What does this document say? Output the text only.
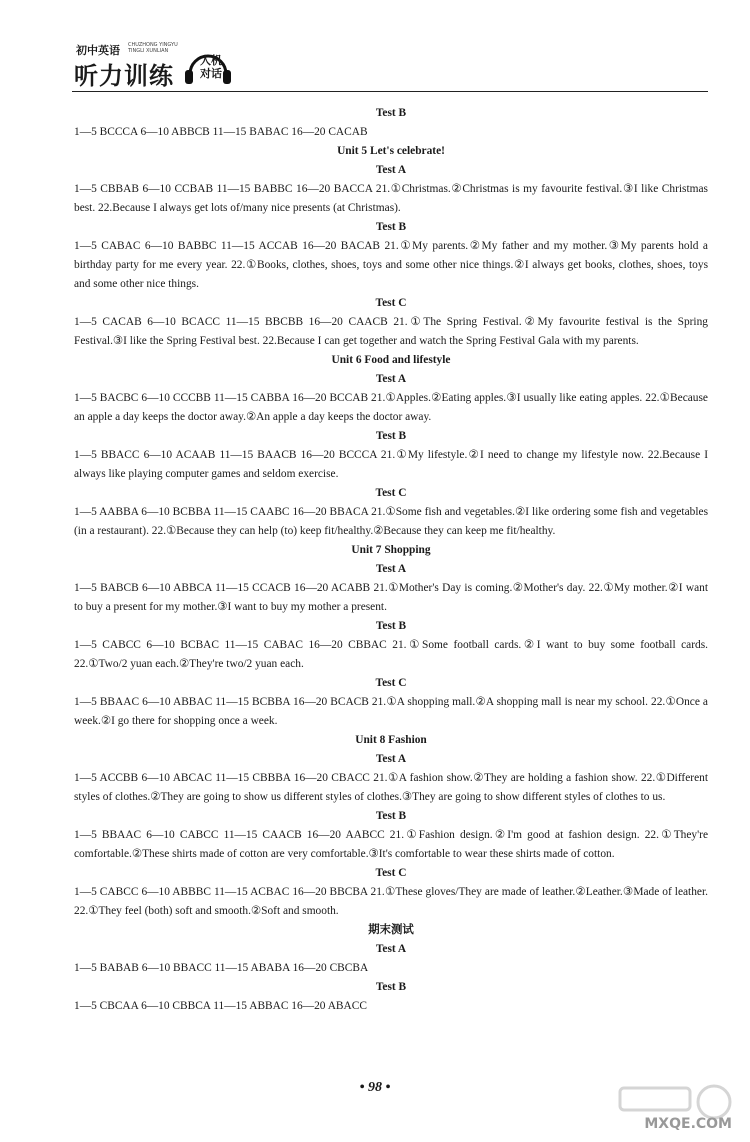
初中英语 CHUZHONG YINGYU TINGLI XUNLIAN
听力训练
人机
对话
Test B
1—5 BCCCA 6—10 ABBCB 11—15 BABAC 16—20 CACAB
Unit 5 Let's celebrate!
Test A
1—5 CBBAB 6—10 CCBAB 11—15 BABBC 16—20 BACCA 21.①Christmas.②Christmas is my favourite festival.③I like Christmas best. 22.Because I always get lots of/many nice presents (at Christmas).
Test B
1—5 CABAC 6—10 BABBC 11—15 ACCAB 16—20 BACAB 21.①My parents.②My father and my mother.③My parents hold a birthday party for me every year. 22.①Books, clothes, shoes, toys and some other nice things.②I always get books, clothes, shoes, toys and some other nice things.
Test C
1—5 CACAB 6—10 BCACC 11—15 BBCBB 16—20 CAACB 21.①The Spring Festival.②My favourite festival is the Spring Festival.③I like the Spring Festival best. 22.Because I can get together and watch the Spring Festival Gala with my parents.
Unit 6 Food and lifestyle
Test A
1—5 BACBC 6—10 CCCBB 11—15 CABBA 16—20 BCCAB 21.①Apples.②Eating apples.③I usually like eating apples. 22.①Because an apple a day keeps the doctor away.②An apple a day keeps the doctor away.
Test B
1—5 BBACC 6—10 ACAAB 11—15 BAACB 16—20 BCCCA 21.①My lifestyle.②I need to change my lifestyle now. 22.Because I always like playing computer games and seldom exercise.
Test C
1—5 AABBA 6—10 BCBBA 11—15 CAABC 16—20 BBACA 21.①Some fish and vegetables.②I like ordering some fish and vegetables (in a restaurant). 22.①Because they can help (to) keep fit/healthy.②Because they can keep me fit/healthy.
Unit 7 Shopping
Test A
1—5 BABCB 6—10 ABBCA 11—15 CCACB 16—20 ACABB 21.①Mother's Day is coming.②Mother's day. 22.①My mother.②I want to buy a present for my mother.③I want to buy my mother a present.
Test B
1—5 CABCC 6—10 BCBAC 11—15 CABAC 16—20 CBBAC 21.①Some football cards.②I want to buy some football cards. 22.①Two/2 yuan each.②They're two/2 yuan each.
Test C
1—5 BBAAC 6—10 ABBAC 11—15 BCBBA 16—20 BCACB 21.①A shopping mall.②A shopping mall is near my school. 22.①Once a week.②I go there for shopping once a week.
Unit 8 Fashion
Test A
1—5 ACCBB 6—10 ABCAC 11—15 CBBBA 16—20 CBACC 21.①A fashion show.②They are holding a fashion show. 22.①Different styles of clothes.②They are going to show us different styles of clothes.③They are going to show different styles of clothes to us.
Test B
1—5 BBAAC 6—10 CABCC 11—15 CAACB 16—20 AABCC 21.①Fashion design.②I'm good at fashion design. 22.①They're comfortable.②These shirts made of cotton are very comfortable.③It's comfortable to wear these shirts made of cotton.
Test C
1—5 CABCC 6—10 ABBBC 11—15 ACBAC 16—20 BBCBA 21.①These gloves/They are made of leather.②Leather.③Made of leather. 22.①They feel (both) soft and smooth.②Soft and smooth.
期末测试
Test A
1—5 BABAB 6—10 BBACC 11—15 ABABA 16—20 CBCBA
Test B
1—5 CBCAA 6—10 CBBCA 11—15 ABBAC 16—20 ABACC
• 98 •
MXQE.COM
